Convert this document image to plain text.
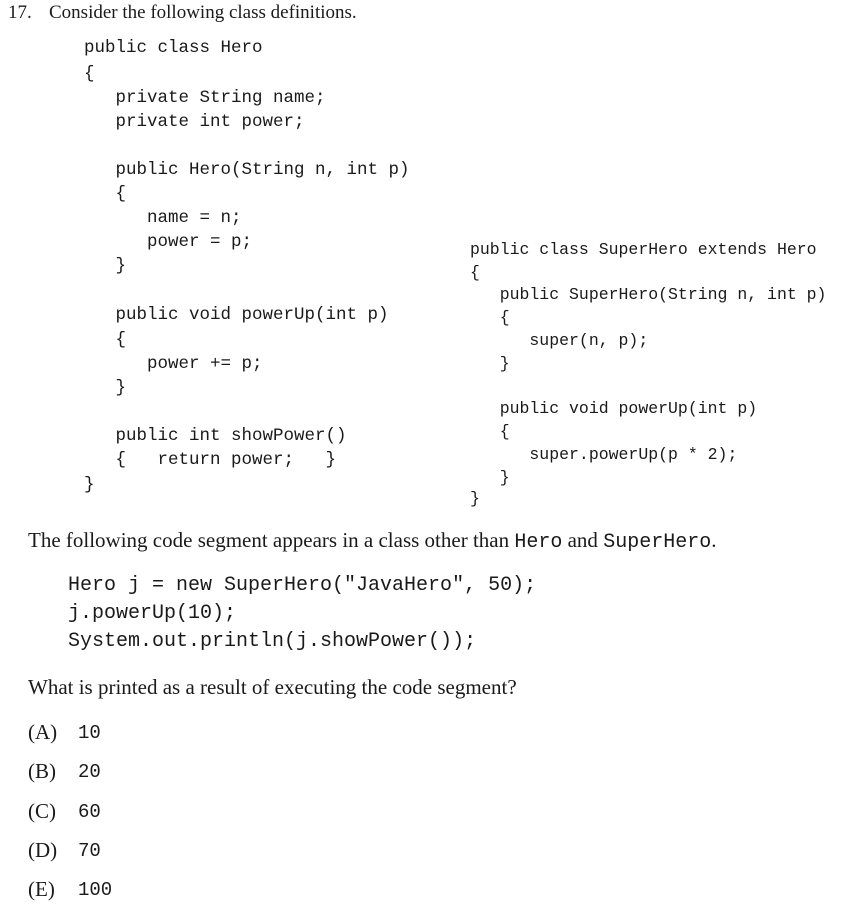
17. Consider the following class definitions.
public class Hero
{
private String name;
private int power;
public Hero(String n, int p)
{
name = n;
power = p;
}
public void powerUp(int p)
{
power += p;
}
public int showPower()
{   return power;   }
}
public class SuperHero extends Hero
{
public SuperHero(String n, int p)
{
super(n, p);
}
public void powerUp(int p)
{
super.powerUp(p * 2);
}
}
The following code segment appears in a class other than Hero and SuperHero.
Hero j = new SuperHero("JavaHero", 50);
j.powerUp(10);
System.out.println(j.showPower());
What is printed as a result of executing the code segment?
(A) 10
(B) 20
(C) 60
(D) 70
(E) 100
